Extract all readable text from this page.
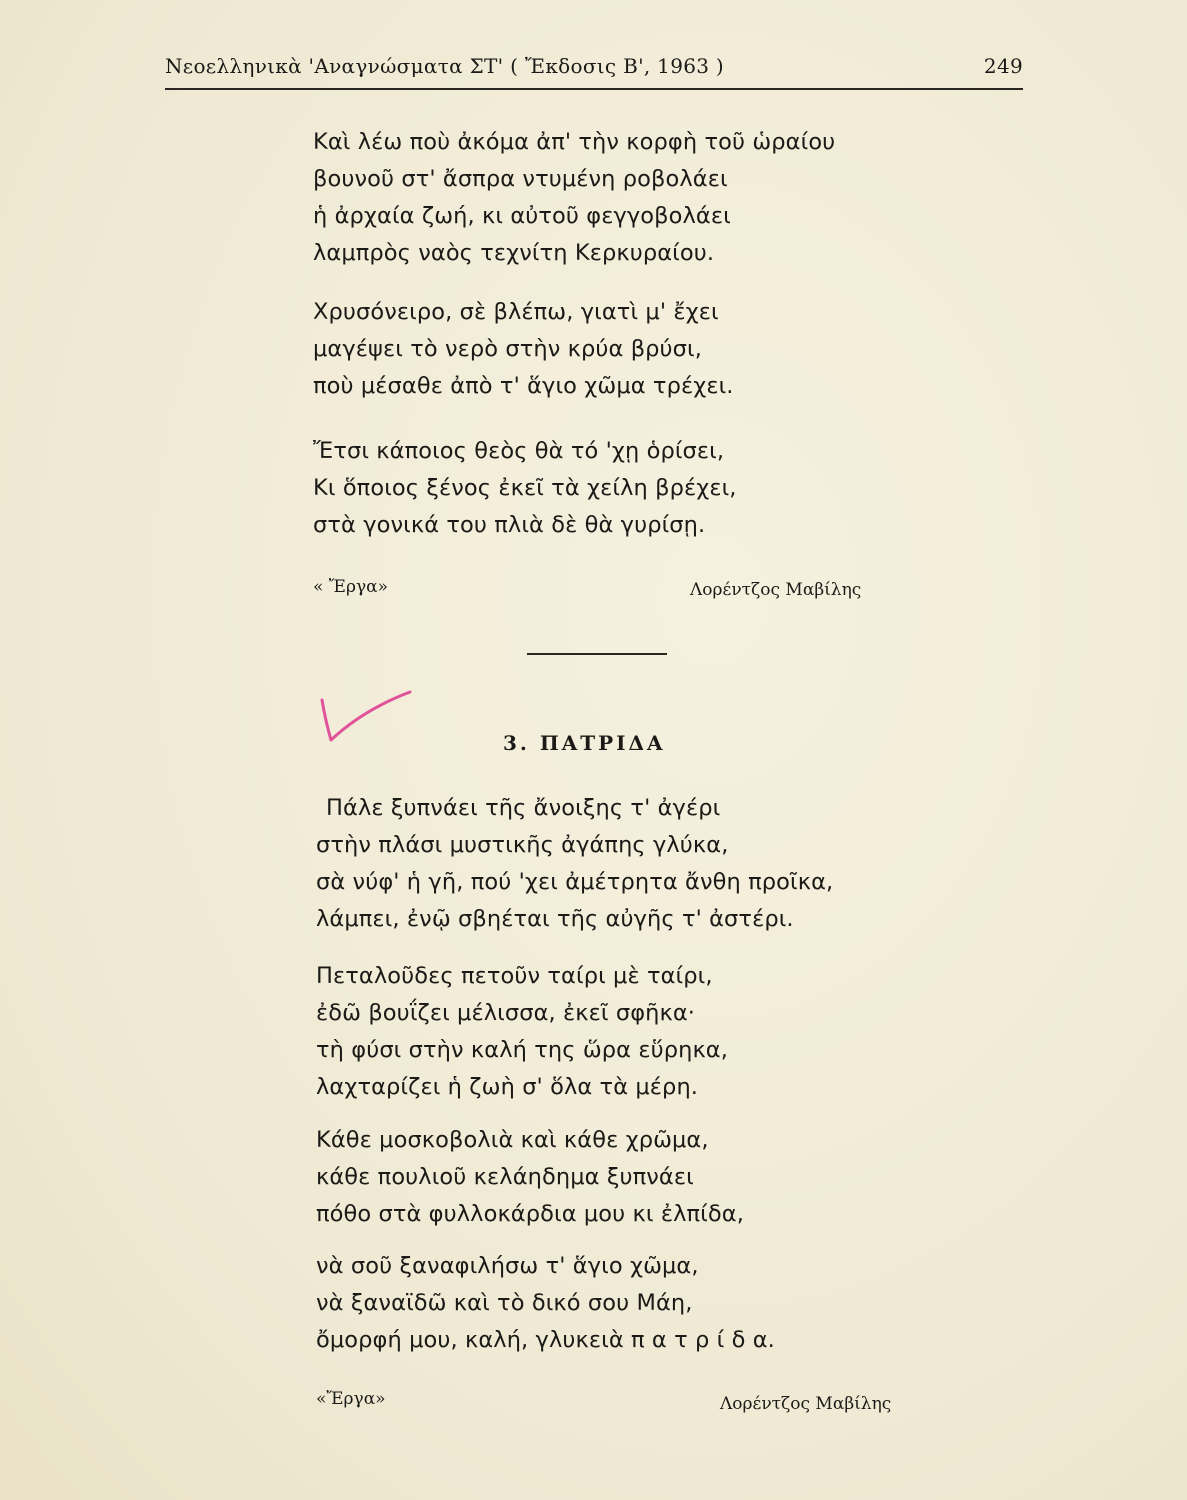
Νεοελληνικὰ 'Αναγνώσματα ΣΤ' ( Ἔκδοσις Β', 1963 )	249
Καὶ λέω ποὺ ἀκόμα ἀπ' τὴν κορφὴ τοῦ ὡραίου
βουνοῦ στ' ἄσπρα ντυμένη ροβολάει
ἡ ἀρχαία ζωή, κι αὐτοῦ φεγγοβολάει
λαμπρὸς ναὸς τεχνίτη Κερκυραίου.
Χρυσόνειρο, σὲ βλέπω, γιατὶ μ' ἔχει
μαγέψει τὸ νερὸ στὴν κρύα βρύσι,
ποὺ μέσαθε ἀπὸ τ' ἅγιο χῶμα τρέχει.
Ἔτσι κάποιος θεὸς θὰ τό 'χῃ ὁρίσει,
Κι ὅποιος ξένος ἐκεῖ τὰ χείλη βρέχει,
στὰ γονικά του πλιὰ δὲ θὰ γυρίσῃ.
« Ἔργα»	Λορέντζος Μαβίλης
3. ΠΑΤΡΙΔΑ
Πάλε ξυπνάει τῆς ἄνοιξης τ' ἀγέρι
στὴν πλάσι μυστικῆς ἀγάπης γλύκα,
σὰ νύφ' ἡ γῆ, πού 'χει ἀμέτρητα ἄνθη προῖκα,
λάμπει, ἐνῷ σβηέται τῆς αὐγῆς τ' ἀστέρι.
Πεταλοῦδες πετοῦν ταίρι μὲ ταίρι,
ἐδῶ βουΐζει μέλισσα, ἐκεῖ σφῆκα·
τὴ φύσι στὴν καλή της ὥρα εὕρηκα,
λαχταρίζει ἡ ζωὴ σ' ὅλα τὰ μέρη.
Κάθε μοσκοβολιὰ καὶ κάθε χρῶμα,
κάθε πουλιοῦ κελάηδημα ξυπνάει
πόθο στὰ φυλλοκάρδια μου κι ἐλπίδα,
νὰ σοῦ ξαναφιλήσω τ' ἅγιο χῶμα,
νὰ ξαναϊδῶ καὶ τὸ δικό σου Μάη,
ὄμορφή μου, καλή, γλυκειὰ π α τ ρ ί δ α.
«Ἔργα»	Λορέντζος Μαβίλης
